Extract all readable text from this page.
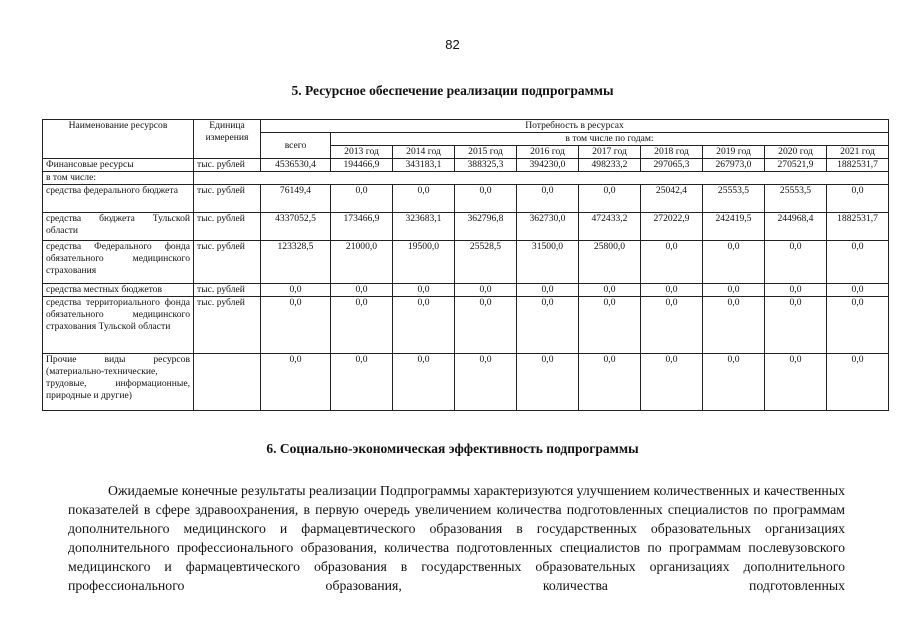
82
5. Ресурсное обеспечение реализации подпрограммы
Наименование ресурсов	Единица измерения	Потребность в ресурсах									
		всего	в том числе по годам:								
			2013 год	2014 год	2015 год	2016 год	2017 год	2018 год	2019 год	2020 год	2021 год
Финансовые ресурсы	тыс. рублей	4536530,4	194466,9	343183,1	388325,3	394230,0	498233,2	297065,3	267973,0	270521,9	1882531,7
в том числе:											
средства федерального бюджета	тыс. рублей	76149,4	0,0	0,0	0,0	0,0	0,0	25042,4	25553,5	25553,5	0,0
средства бюджета Тульской области	тыс. рублей	4337052,5	173466,9	323683,1	362796,8	362730,0	472433,2	272022,9	242419,5	244968,4	1882531,7
средства Федерального фонда обязательного медицинского страхования	тыс. рублей	123328,5	21000,0	19500,0	25528,5	31500,0	25800,0	0,0	0,0	0,0	0,0
средства местных бюджетов	тыс. рублей	0,0	0,0	0,0	0,0	0,0	0,0	0,0	0,0	0,0	0,0
средства территориального фонда обязательного медицинского страхования Тульской области	тыс. рублей	0,0	0,0	0,0	0,0	0,0	0,0	0,0	0,0	0,0	0,0
Прочие виды ресурсов (материально-технические, трудовые, информационные, природные и другие)		0,0	0,0	0,0	0,0	0,0	0,0	0,0	0,0	0,0	0,0
6. Социально-экономическая эффективность подпрограммы
Ожидаемые конечные результаты реализации Подпрограммы характеризуются улучшением количественных и качественных показателей в сфере здравоохранения, в первую очередь увеличением количества подготовленных специалистов по программам дополнительного медицинского и фармацевтического образования в государственных образовательных организациях дополнительного профессионального образования, количества подготовленных специалистов по программам послевузовского медицинского и фармацевтического образования в государственных образовательных организациях дополнительного профессионального образования, количества подготовленных
